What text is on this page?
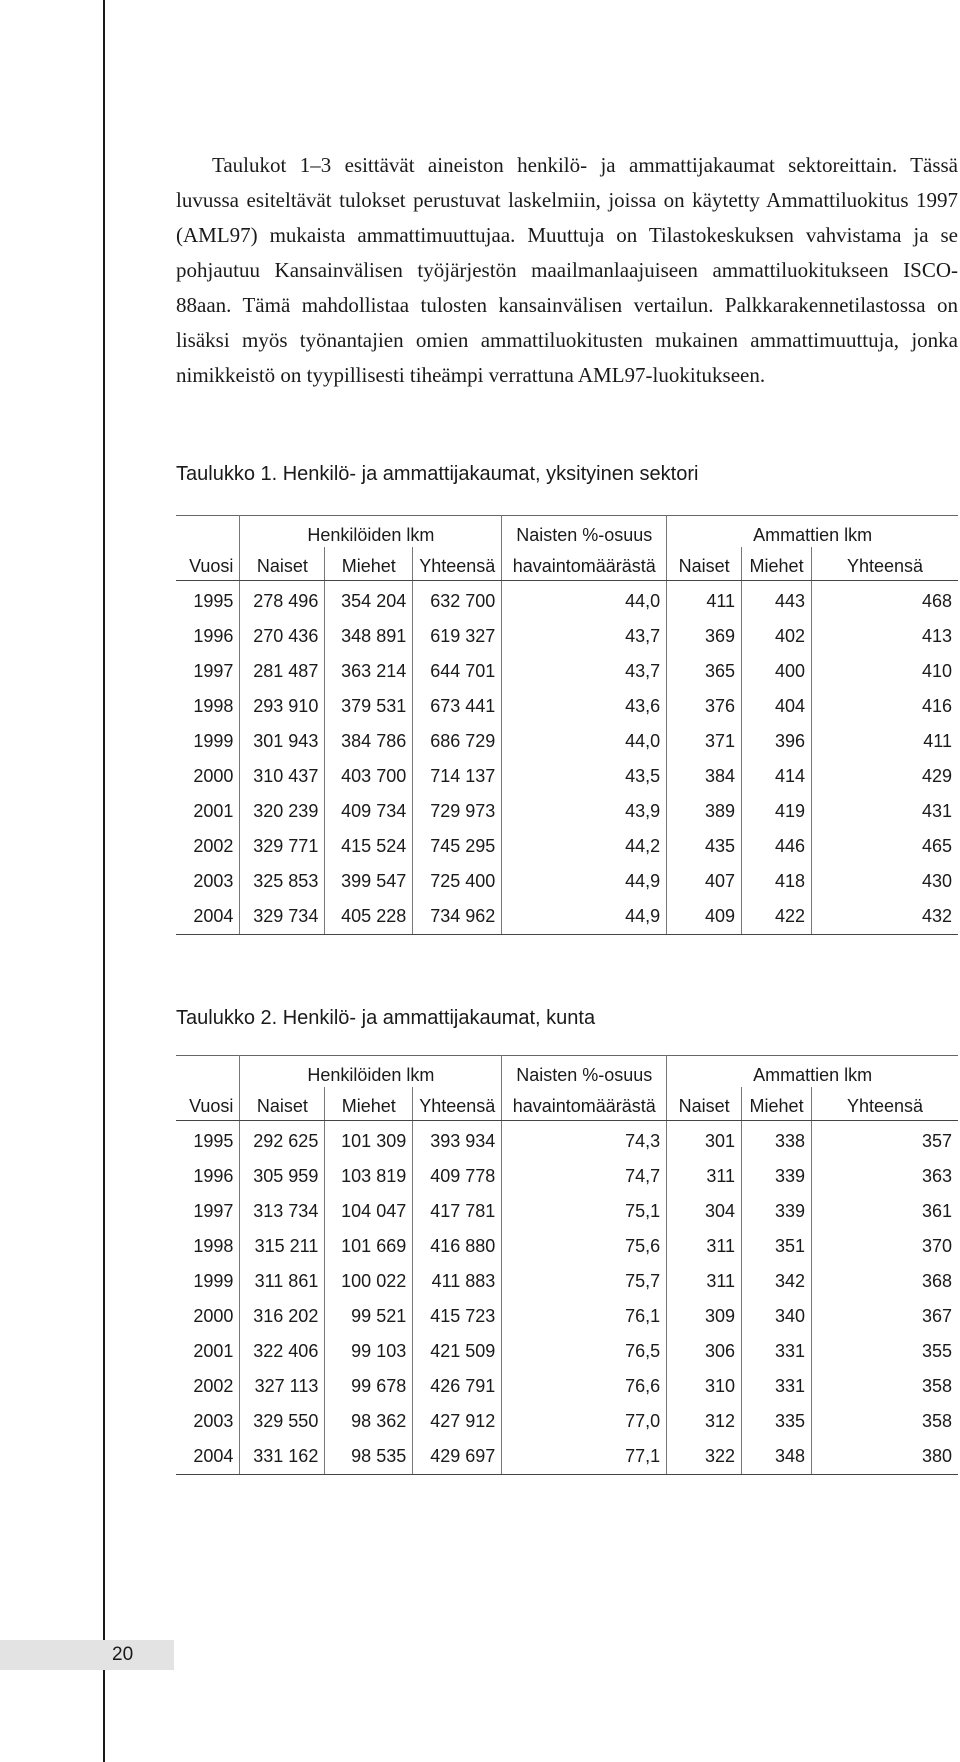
Taulukot 1–3 esittävät aineiston henkilö- ja ammattijakaumat sektoreittain. Tässä luvussa esiteltävät tulokset perustuvat laskelmiin, joissa on käytetty Ammattiluokitus 1997 (AML97) mukaista ammattimuuttujaa. Muuttuja on Tilastokeskuksen vahvistama ja se pohjautuu Kansainvälisen työjärjestön maailmanlaajuiseen ammattiluokitukseen ISCO-88aan. Tämä mahdollistaa tulosten kansainvälisen vertailun. Palkkarakennetilastossa on lisäksi myös työnantajien omien ammattiluokitusten mukainen ammattimuuttuja, jonka nimikkeistö on tyypillisesti tiheämpi verrattuna AML97-luokitukseen.

Taulukko 1. Henkilö- ja ammattijakaumat, yksityinen sektori
	Henkilöiden lkm			Naisten %-osuus	Ammattien lkm		
Vuosi	Naiset	Miehet	Yhteensä	havaintomäärästä	Naiset	Miehet	Yhteensä
1995	278 496	354 204	632 700	44,0	411	443	468
1996	270 436	348 891	619 327	43,7	369	402	413
1997	281 487	363 214	644 701	43,7	365	400	410
1998	293 910	379 531	673 441	43,6	376	404	416
1999	301 943	384 786	686 729	44,0	371	396	411
2000	310 437	403 700	714 137	43,5	384	414	429
2001	320 239	409 734	729 973	43,9	389	419	431
2002	329 771	415 524	745 295	44,2	435	446	465
2003	325 853	399 547	725 400	44,9	407	418	430
2004	329 734	405 228	734 962	44,9	409	422	432
Taulukko 2. Henkilö- ja ammattijakaumat, kunta
	Henkilöiden lkm			Naisten %-osuus	Ammattien lkm		
Vuosi	Naiset	Miehet	Yhteensä	havaintomäärästä	Naiset	Miehet	Yhteensä
1995	292 625	101 309	393 934	74,3	301	338	357
1996	305 959	103 819	409 778	74,7	311	339	363
1997	313 734	104 047	417 781	75,1	304	339	361
1998	315 211	101 669	416 880	75,6	311	351	370
1999	311 861	100 022	411 883	75,7	311	342	368
2000	316 202	99 521	415 723	76,1	309	340	367
2001	322 406	99 103	421 509	76,5	306	331	355
2002	327 113	99 678	426 791	76,6	310	331	358
2003	329 550	98 362	427 912	77,0	312	335	358
2004	331 162	98 535	429 697	77,1	322	348	380
20
